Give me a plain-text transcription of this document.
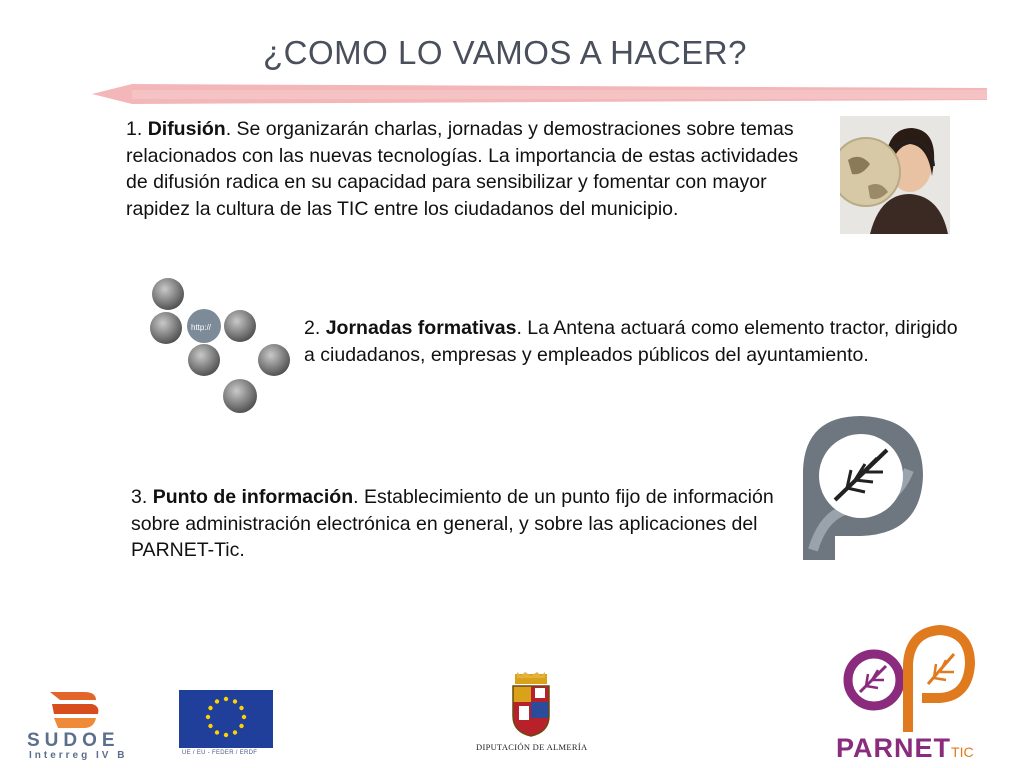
¿COMO LO VAMOS A HACER?
1. Difusión. Se organizarán charlas, jornadas y demostraciones sobre temas relacionados con las nuevas tecnologías. La importancia de estas actividades de difusión radica en su capacidad para sensibilizar y fomentar con mayor rapidez la cultura de las TIC entre los ciudadanos del municipio.
2. Jornadas formativas. La Antena actuará como elemento tractor, dirigido a ciudadanos, empresas y empleados públicos del ayuntamiento.
3. Punto de información. Establecimiento de un punto fijo de información sobre administración electrónica en general, y sobre las aplicaciones del PARNET-Tic.
http://
SUDOE
Interreg IV B	UE / EU - FEDER / ERDF
DIPUTACIÓN DE ALMERÍA	PARNETTIC
